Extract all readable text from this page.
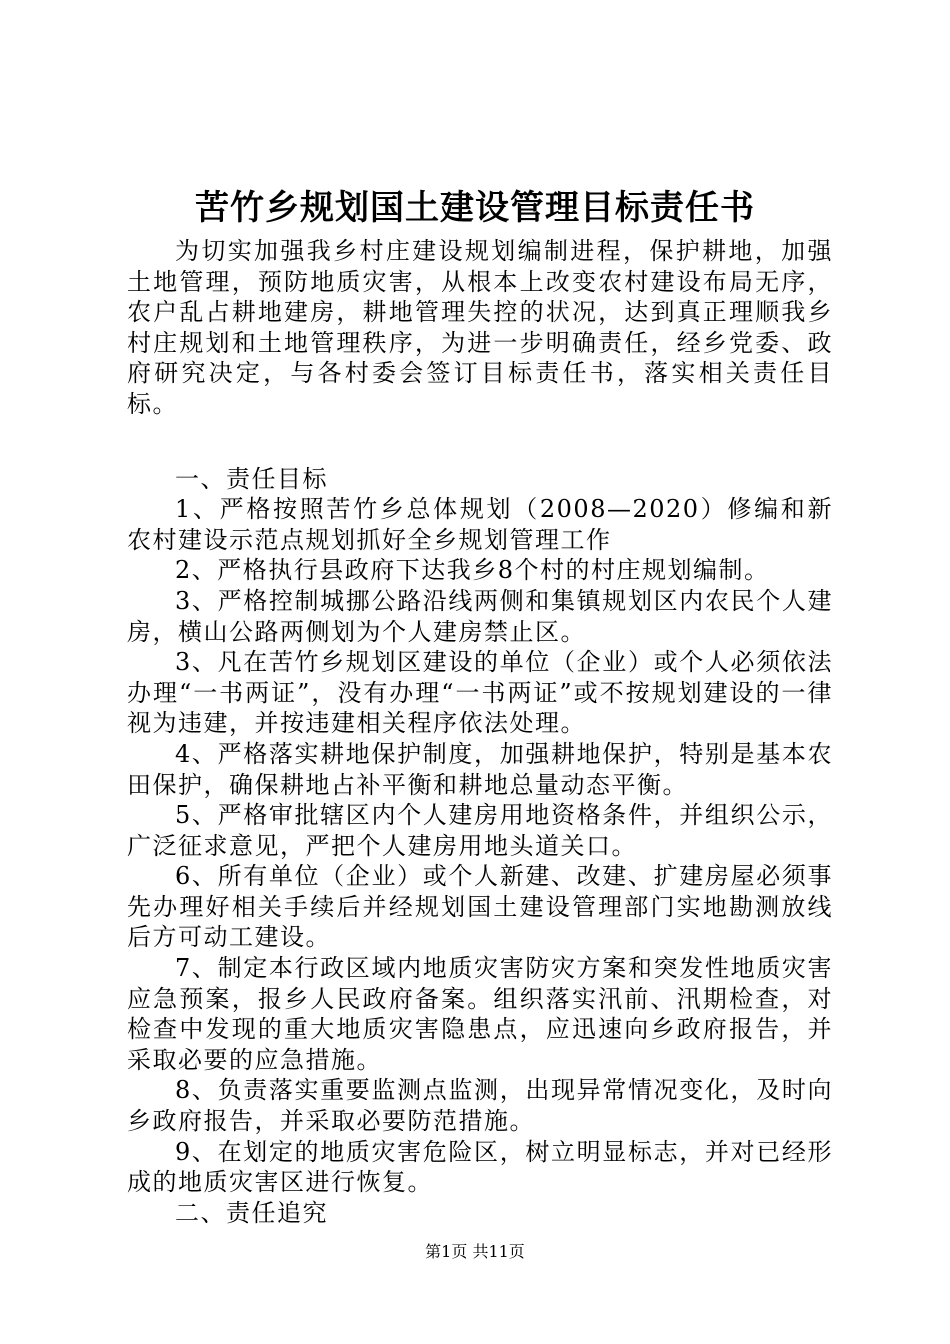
苦竹乡规划国土建设管理目标责任书

为切实加强我乡村庄建设规划编制进程，保护耕地，加强土地管理，预防地质灾害，从根本上改变农村建设布局无序，农户乱占耕地建房，耕地管理失控的状况，达到真正理顺我乡村庄规划和土地管理秩序，为进一步明确责任，经乡党委、政府研究决定，与各村委会签订目标责任书，落实相关责任目标。

一、责任目标

1、严格按照苦竹乡总体规划（2008—2020）修编和新农村建设示范点规划抓好全乡规划管理工作

2、严格执行县政府下达我乡8个村的村庄规划编制。

3、严格控制城挪公路沿线两侧和集镇规划区内农民个人建房，横山公路两侧划为个人建房禁止区。

3、凡在苦竹乡规划区建设的单位（企业）或个人必须依法办理“一书两证”，没有办理“一书两证”或不按规划建设的一律视为违建，并按违建相关程序依法处理。

4、严格落实耕地保护制度，加强耕地保护，特别是基本农田保护，确保耕地占补平衡和耕地总量动态平衡。

5、严格审批辖区内个人建房用地资格条件，并组织公示，广泛征求意见，严把个人建房用地头道关口。

6、所有单位（企业）或个人新建、改建、扩建房屋必须事先办理好相关手续后并经规划国土建设管理部门实地勘测放线后方可动工建设。

7、制定本行政区域内地质灾害防灾方案和突发性地质灾害应急预案，报乡人民政府备案。组织落实汛前、汛期检查，对检查中发现的重大地质灾害隐患点，应迅速向乡政府报告，并采取必要的应急措施。

8、负责落实重要监测点监测，出现异常情况变化，及时向乡政府报告，并采取必要防范措施。

9、在划定的地质灾害危险区，树立明显标志，并对已经形成的地质灾害区进行恢复。

二、责任追究

第1页 共11页
